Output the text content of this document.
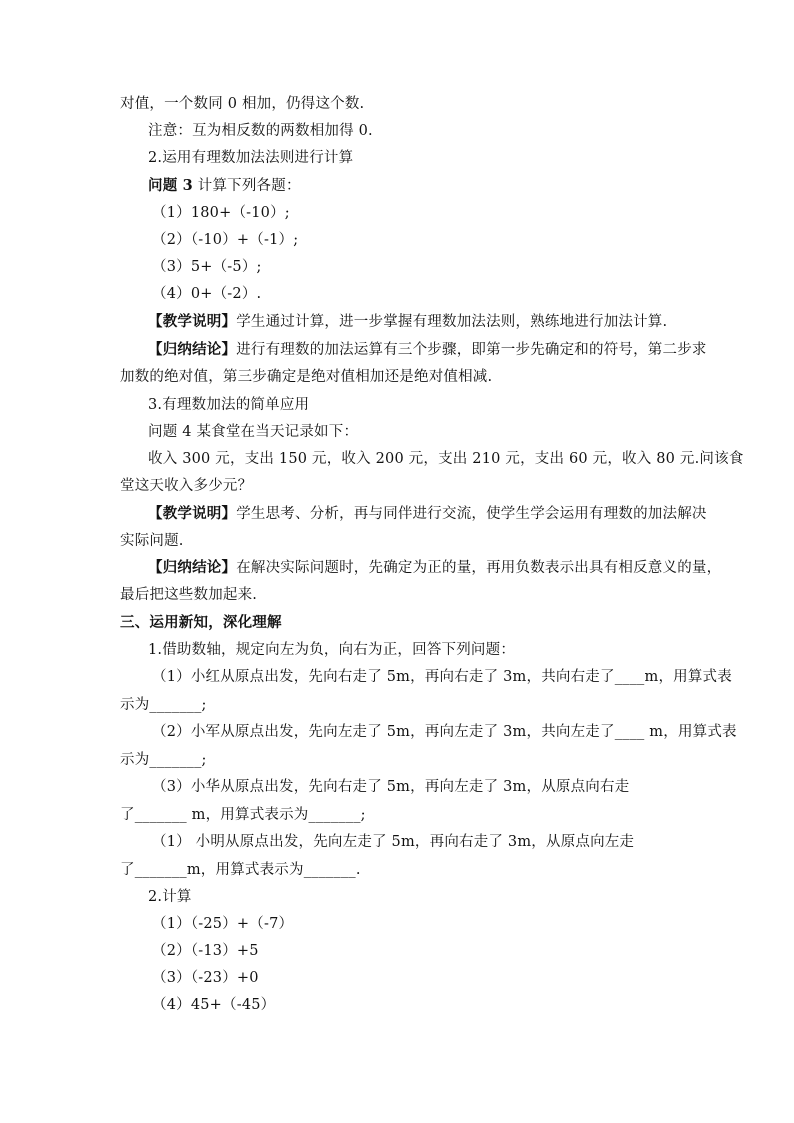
对值，一个数同 0 相加，仍得这个数.
注意：互为相反数的两数相加得 0.
2.运用有理数加法法则进行计算
问题 3 计算下列各题：
（1）180+（-10）;
（2）（-10）+（-1）;
（3）5+（-5）;
（4）0+（-2）.
【教学说明】学生通过计算，进一步掌握有理数加法法则，熟练地进行加法计算.
【归纳结论】进行有理数的加法运算有三个步骤，即第一步先确定和的符号，第二步求
加数的绝对值，第三步确定是绝对值相加还是绝对值相减.
3.有理数加法的简单应用
问题 4 某食堂在当天记录如下：
收入 300 元，支出 150 元，收入 200 元，支出 210 元，支出 60 元，收入 80 元.问该食
堂这天收入多少元？
【教学说明】学生思考、分析，再与同伴进行交流，使学生学会运用有理数的加法解决
实际问题.
【归纳结论】在解决实际问题时，先确定为正的量，再用负数表示出具有相反意义的量，
最后把这些数加起来.
三、运用新知，深化理解
1.借助数轴，规定向左为负，向右为正，回答下列问题：
（1）小红从原点出发，先向右走了 5m，再向右走了 3m，共向右走了____m，用算式表
示为_______;
（2）小军从原点出发，先向左走了 5m，再向左走了 3m，共向左走了____ m，用算式表
示为_______;
（3）小华从原点出发，先向右走了 5m，再向左走了 3m，从原点向右走
了_______ m，用算式表示为_______;
（1） 小明从原点出发，先向左走了 5m，再向右走了 3m，从原点向左走
了_______m，用算式表示为_______.
2.计算
（1）（-25）+（-7）
（2）（-13）+5
（3）（-23）+0
（4）45+（-45）
